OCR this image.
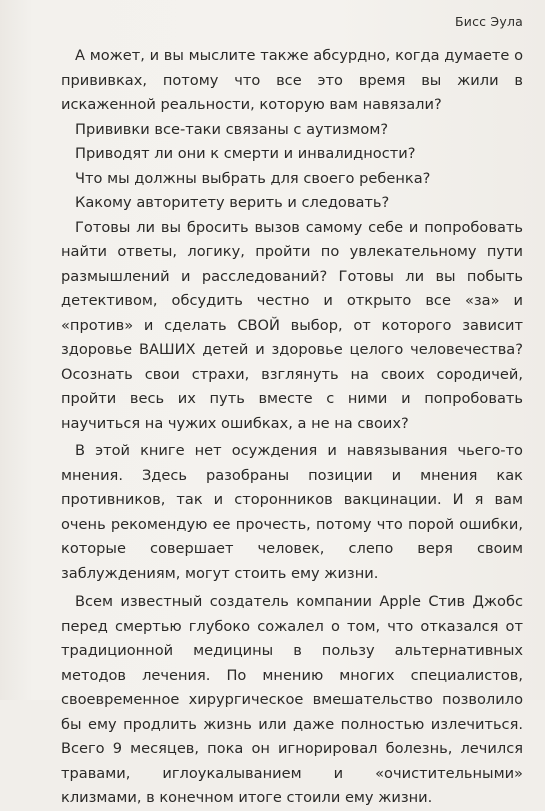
Бисс Эула

А может, и вы мыслите также абсурдно, когда думаете о прививках, потому что все это время вы жили в искаженной реальности, которую вам навязали?

Прививки все-таки связаны с аутизмом?

Приводят ли они к смерти и инвалидности?

Что мы должны выбрать для своего ребенка?

Какому авторитету верить и следовать?

Готовы ли вы бросить вызов самому себе и попробовать найти ответы, логику, пройти по увлекательному пути размышлений и расследований? Готовы ли вы побыть детективом, обсудить честно и открыто все «за» и «против» и сделать СВОЙ выбор, от которого зависит здоровье ВАШИХ детей и здоровье целого человечества? Осознать свои страхи, взглянуть на своих сородичей, пройти весь их путь вместе с ними и попробовать научиться на чужих ошибках, а не на своих?

В этой книге нет осуждения и навязывания чьего-то мнения. Здесь разобраны позиции и мнения как противников, так и сторонников вакцинации. И я вам очень рекомендую ее прочесть, потому что порой ошибки, которые совершает человек, слепо веря своим заблуждениям, могут стоить ему жизни.

Всем известный создатель компании Apple Стив Джобс перед смертью глубоко сожалел о том, что отказался от традиционной медицины в пользу альтернативных методов лечения. По мнению многих специалистов, своевременное хирургическое вмешательство позволило бы ему продлить жизнь или даже полностью излечиться. Всего 9 месяцев, пока он игнорировал болезнь, лечился травами, иглоукалыванием и «очистительными» клизмами, в конечном итоге стоили ему жизни.
